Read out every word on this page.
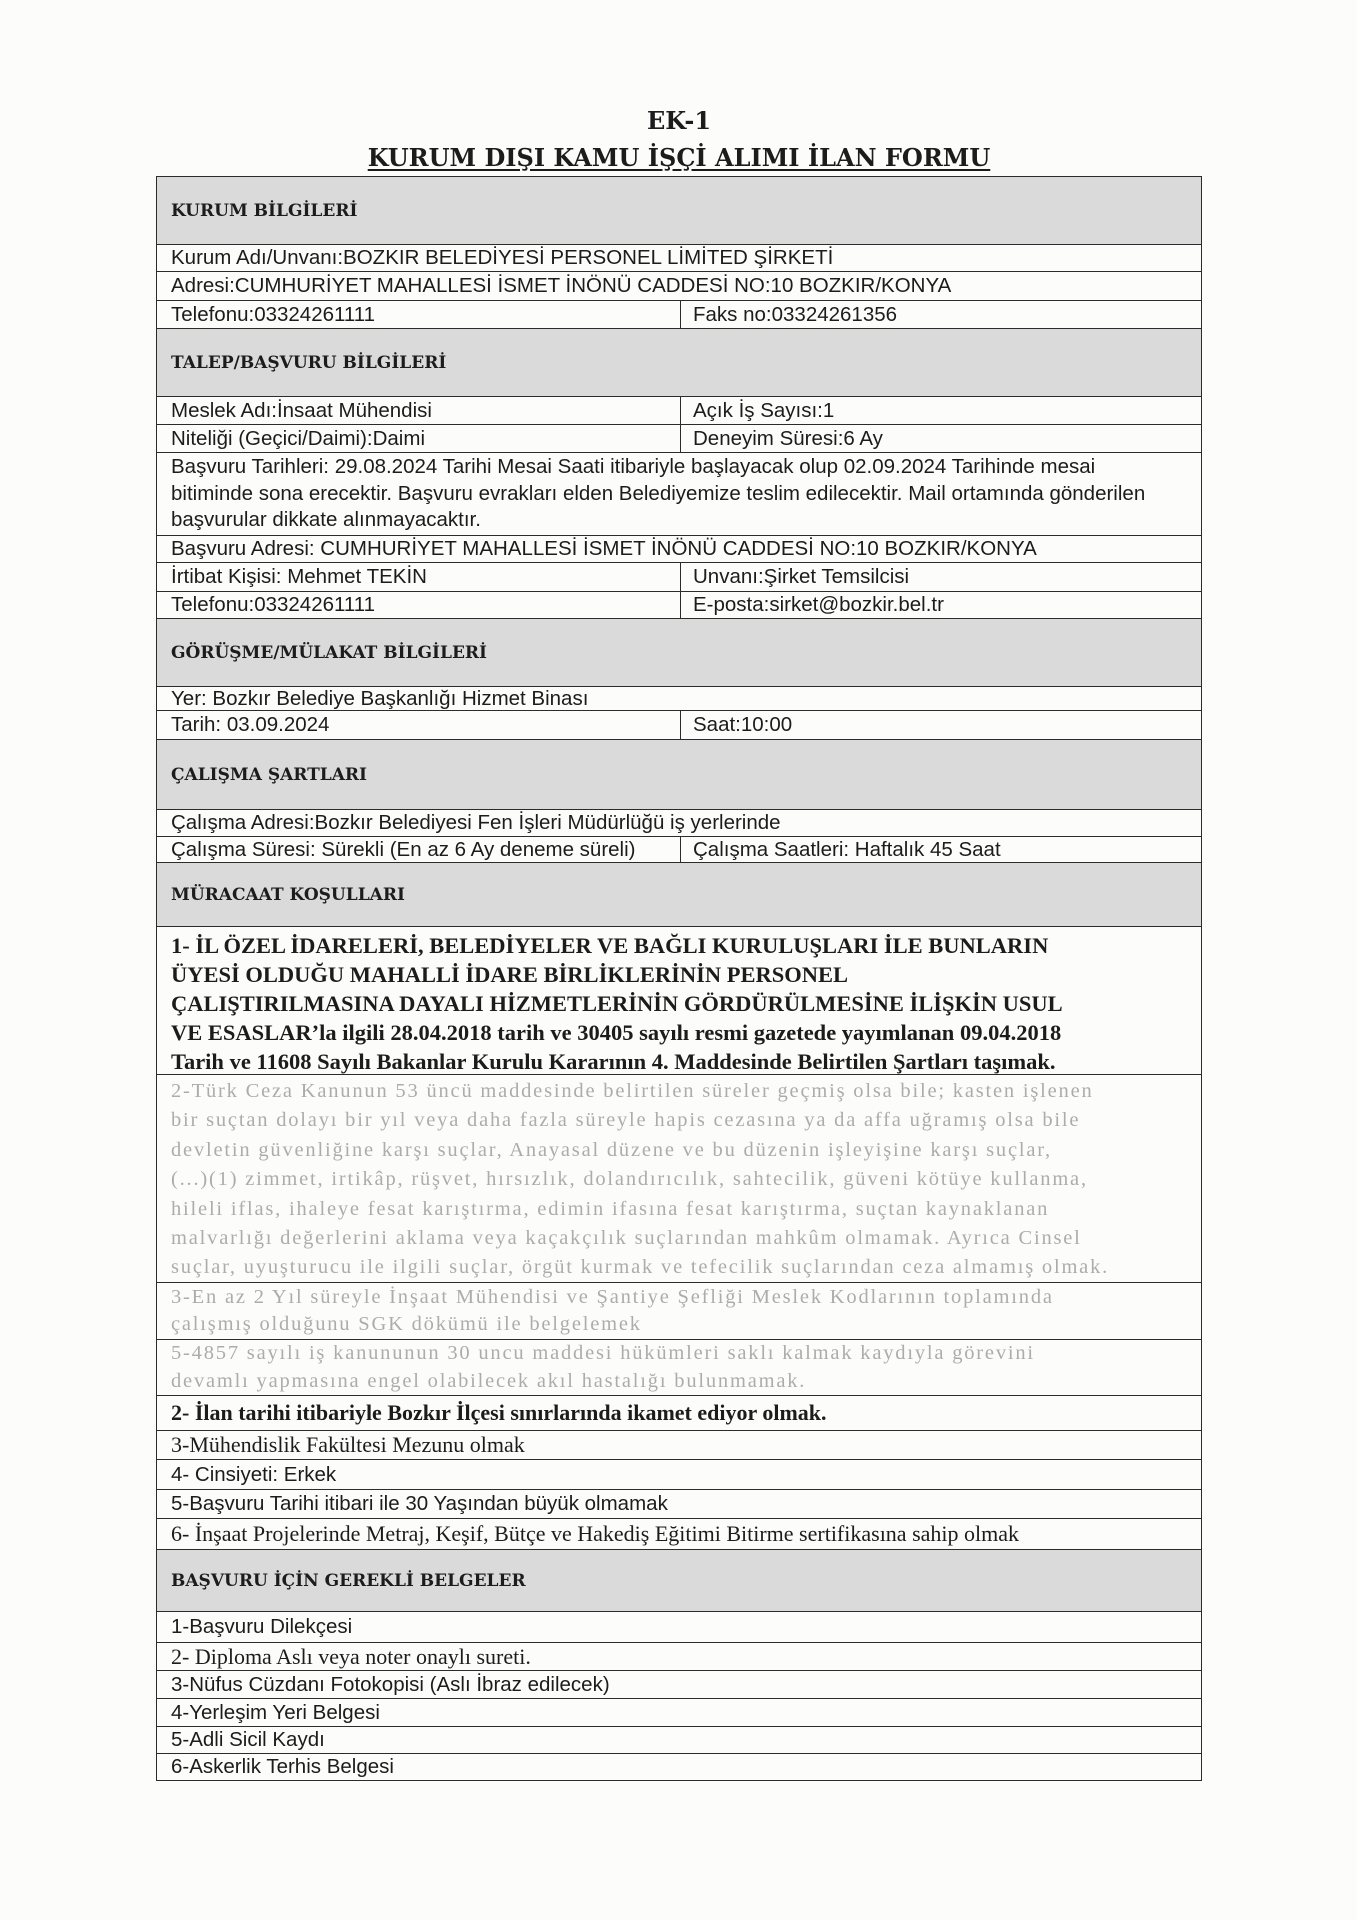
EK-1
KURUM DIŞI KAMU İŞÇİ ALIMI İLAN FORMU
KURUM BİLGİLERİ
Kurum Adı/Unvanı:BOZKIR BELEDİYESİ PERSONEL LİMİTED ŞİRKETİ
Adresi:CUMHURİYET MAHALLESİ İSMET İNÖNÜ CADDESİ NO:10 BOZKIR/KONYA
Telefonu:03324261111	Faks no:03324261356
TALEP/BAŞVURU BİLGİLERİ
Meslek Adı:İnsaat Mühendisi	Açık İş Sayısı:1
Niteliği (Geçici/Daimi):Daimi	Deneyim Süresi:6 Ay
Başvuru Tarihleri: 29.08.2024 Tarihi Mesai Saati itibariyle başlayacak olup 02.09.2024 Tarihinde mesai
bitiminde sona erecektir. Başvuru evrakları elden Belediyemize teslim edilecektir. Mail ortamında gönderilen
başvurular dikkate alınmayacaktır.
Başvuru Adresi: CUMHURİYET MAHALLESİ İSMET İNÖNÜ CADDESİ NO:10 BOZKIR/KONYA
İrtibat Kişisi: Mehmet TEKİN	Unvanı:Şirket Temsilcisi
Telefonu:03324261111	E-posta:sirket@bozkir.bel.tr
GÖRÜŞME/MÜLAKAT BİLGİLERİ
Yer: Bozkır Belediye Başkanlığı Hizmet Binası
Tarih: 03.09.2024	Saat:10:00
ÇALIŞMA ŞARTLARI
Çalışma Adresi:Bozkır Belediyesi Fen İşleri Müdürlüğü iş yerlerinde
Çalışma Süresi: Sürekli (En az 6 Ay deneme süreli)	Çalışma Saatleri: Haftalık 45 Saat
MÜRACAAT KOŞULLARI
1- İL ÖZEL İDARELERİ, BELEDİYELER VE BAĞLI KURULUŞLARI İLE BUNLARIN
ÜYESİ OLDUĞU MAHALLİ İDARE BİRLİKLERİNİN PERSONEL
ÇALIŞTIRILMASINA DAYALI HİZMETLERİNİN GÖRDÜRÜLMESİNE İLİŞKİN USUL
VE ESASLAR’la ilgili 28.04.2018 tarih ve 30405 sayılı resmi gazetede yayımlanan 09.04.2018
Tarih ve 11608 Sayılı Bakanlar Kurulu Kararının 4. Maddesinde Belirtilen Şartları taşımak.
2-Türk Ceza Kanunun 53 üncü maddesinde belirtilen süreler geçmiş olsa bile; kasten işlenen
bir suçtan dolayı bir yıl veya daha fazla süreyle hapis cezasına ya da affa uğramış olsa bile
devletin güvenliğine karşı suçlar, Anayasal düzene ve bu düzenin işleyişine karşı suçlar,
(...)(1) zimmet, irtikâp, rüşvet, hırsızlık, dolandırıcılık, sahtecilik, güveni kötüye kullanma,
hileli iflas, ihaleye fesat karıştırma, edimin ifasına fesat karıştırma, suçtan kaynaklanan
malvarlığı değerlerini aklama veya kaçakçılık suçlarından mahkûm olmamak. Ayrıca Cinsel
suçlar, uyuşturucu ile ilgili suçlar, örgüt kurmak ve tefecilik suçlarından ceza almamış olmak.
3-En az 2 Yıl süreyle İnşaat Mühendisi ve Şantiye Şefliği Meslek Kodlarının toplamında
çalışmış olduğunu SGK dökümü ile belgelemek
5-4857 sayılı iş kanununun 30 uncu maddesi hükümleri saklı kalmak kaydıyla görevini
devamlı yapmasına engel olabilecek akıl hastalığı bulunmamak.
2- İlan tarihi itibariyle Bozkır İlçesi sınırlarında ikamet ediyor olmak.
3-Mühendislik Fakültesi Mezunu olmak
4- Cinsiyeti: Erkek
5-Başvuru Tarihi itibari ile 30 Yaşından büyük olmamak
6- İnşaat Projelerinde Metraj, Keşif, Bütçe ve Hakediş Eğitimi Bitirme sertifikasına sahip olmak
BAŞVURU İÇİN GEREKLİ BELGELER
1-Başvuru Dilekçesi
2- Diploma Aslı veya noter onaylı sureti.
3-Nüfus Cüzdanı Fotokopisi (Aslı İbraz edilecek)
4-Yerleşim Yeri Belgesi
5-Adli Sicil Kaydı
6-Askerlik Terhis Belgesi
